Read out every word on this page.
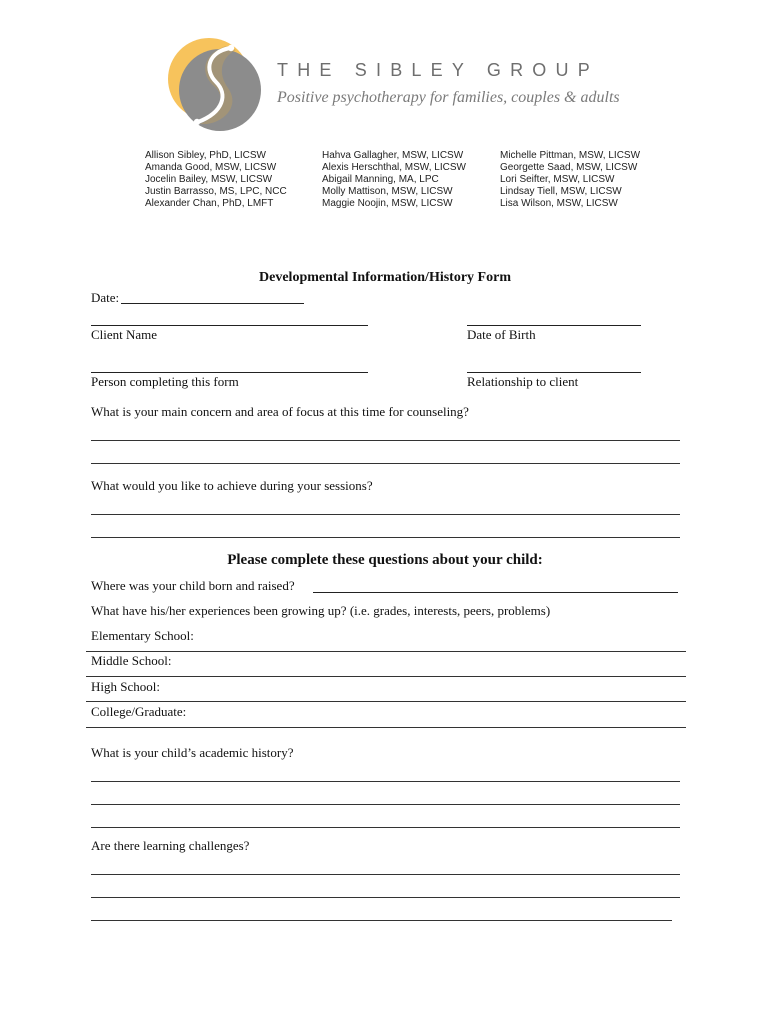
THE SIBLEY GROUP
Positive psychotherapy for families, couples & adults
Allison Sibley, PhD, LICSW
Amanda Good, MSW, LICSW
Jocelin Bailey, MSW, LICSW
Justin Barrasso, MS, LPC, NCC
Alexander Chan, PhD, LMFT
Hahva Gallagher, MSW, LICSW
Alexis Herschthal, MSW, LICSW
Abigail Manning, MA, LPC
Molly Mattison, MSW, LICSW
Maggie Noojin, MSW, LICSW
Michelle Pittman, MSW, LICSW
Georgette Saad, MSW, LICSW
Lori Seifter, MSW, LICSW
Lindsay Tiell, MSW, LICSW
Lisa Wilson, MSW, LICSW
Developmental Information/History Form
Date:
Client Name	Date of Birth
Person completing this form	Relationship to client
What is your main concern and area of focus at this time for counseling?
What would you like to achieve during your sessions?
Please complete these questions about your child:
Where was your child born and raised?
What have his/her experiences been growing up? (i.e. grades, interests, peers, problems)
Elementary School:
Middle School:
High School:
College/Graduate:
What is your child’s academic history?
Are there learning challenges?
